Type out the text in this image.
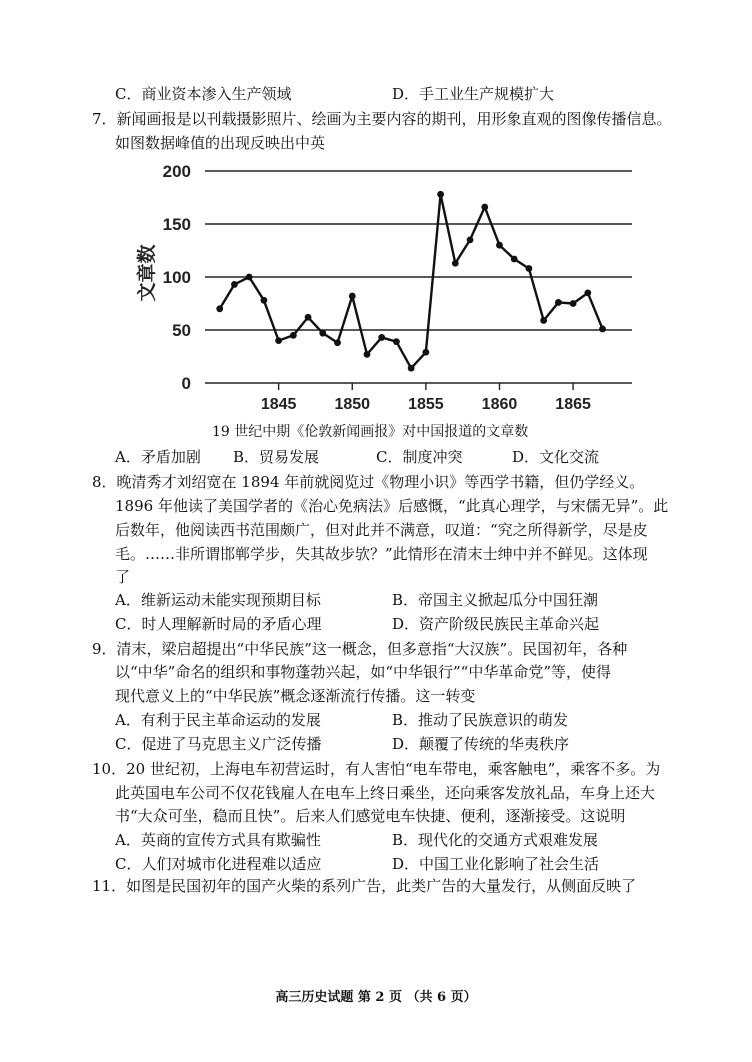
C．商业资本渗入生产领域	D．手工业生产规模扩大
7．新闻画报是以刊载摄影照片、绘画为主要内容的期刊，用形象直观的图像传播信息。
如图数据峰值的出现反映出中英
0
50
100
150
200
1845 1850 1855 1860 1865
文章数
19 世纪中期《伦敦新闻画报》对中国报道的文章数
A．矛盾加剧 B．贸易发展	C．制度冲突	D．文化交流
8．晚清秀才刘绍宽在 1894 年前就阅览过《物理小识》等西学书籍，但仍学经义。
1896 年他读了美国学者的《治心免病法》后感慨，“此真心理学，与宋儒无异”。此
后数年，他阅读西书范围颇广，但对此并不满意，叹道：“究之所得新学，尽是皮
毛。……非所谓邯郸学步，失其故步欤？”此情形在清末士绅中并不鲜见。这体现
了
A．维新运动未能实现预期目标	B．帝国主义掀起瓜分中国狂潮
C．时人理解新时局的矛盾心理	D．资产阶级民族民主革命兴起
9．清末，梁启超提出“中华民族”这一概念，但多意指“大汉族”。民国初年，各种
以“中华”命名的组织和事物蓬勃兴起，如“中华银行”“中华革命党”等，使得
现代意义上的“中华民族”概念逐渐流行传播。这一转变
A．有利于民主革命运动的发展	B．推动了民族意识的萌发
C．促进了马克思主义广泛传播	D．颠覆了传统的华夷秩序
10．20 世纪初，上海电车初营运时，有人害怕“电车带电，乘客触电”，乘客不多。为
此英国电车公司不仅花钱雇人在电车上终日乘坐，还向乘客发放礼品，车身上还大
书“大众可坐，稳而且快”。后来人们感觉电车快捷、便利，逐渐接受。这说明
A．英商的宣传方式具有欺骗性	B．现代化的交通方式艰难发展
C．人们对城市化进程难以适应	D．中国工业化影响了社会生活
11．如图是民国初年的国产火柴的系列广告，此类广告的大量发行，从侧面反映了
高三历史试题 第 2 页 （共 6 页）
